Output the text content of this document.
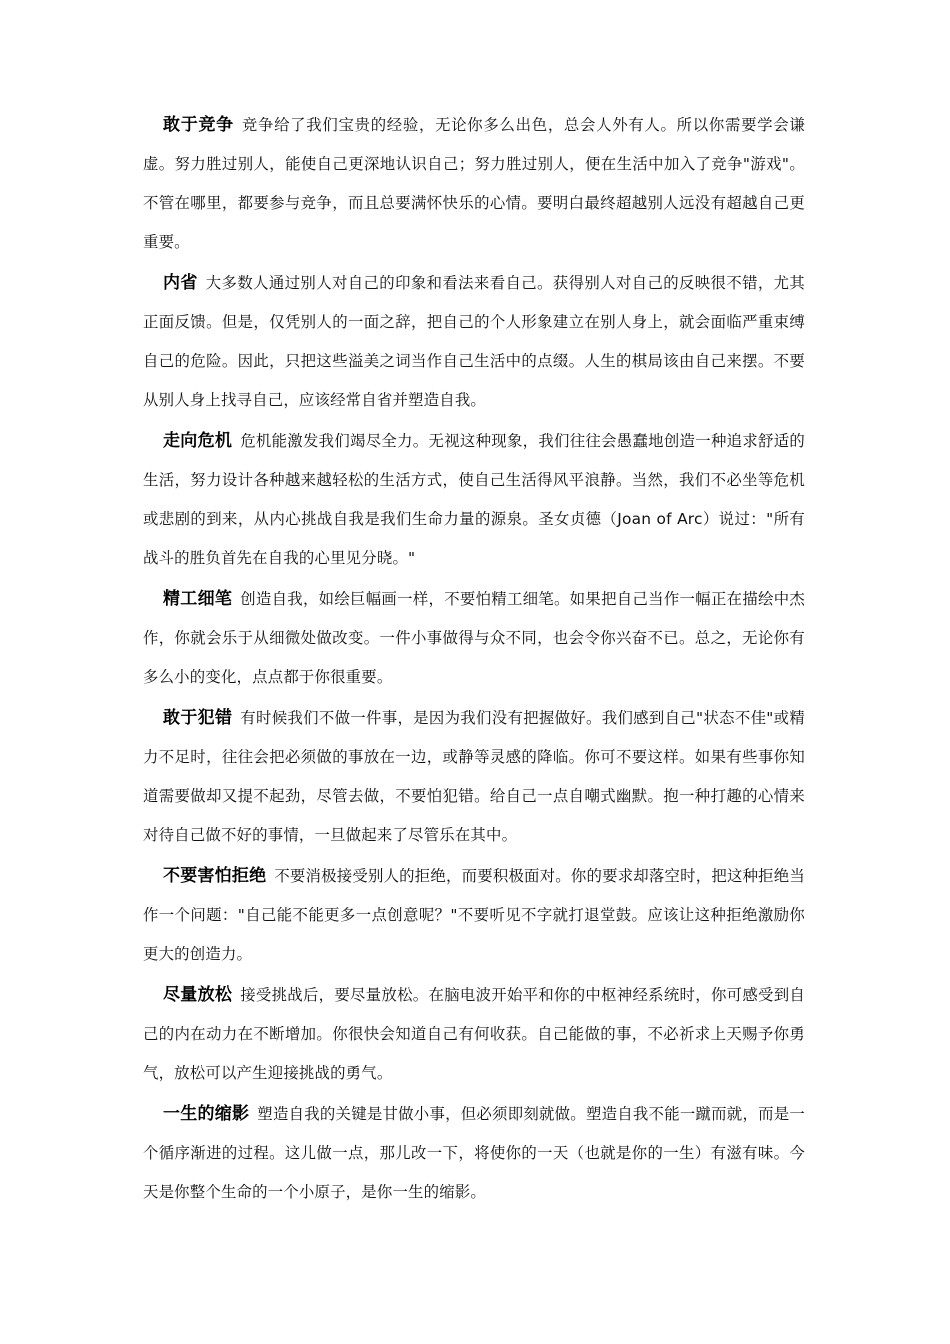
敢于竞争 竞争给了我们宝贵的经验，无论你多么出色，总会人外有人。所以你需要学会谦虚。努力胜过别人，能使自己更深地认识自己；努力胜过别人，便在生活中加入了竞争"游戏"。不管在哪里，都要参与竞争，而且总要满怀快乐的心情。要明白最终超越别人远没有超越自己更重要。

内省 大多数人通过别人对自己的印象和看法来看自己。获得别人对自己的反映很不错，尤其正面反馈。但是，仅凭别人的一面之辞，把自己的个人形象建立在别人身上，就会面临严重束缚自己的危险。因此，只把这些溢美之词当作自己生活中的点缀。人生的棋局该由自己来摆。不要从别人身上找寻自己，应该经常自省并塑造自我。

走向危机 危机能激发我们竭尽全力。无视这种现象，我们往往会愚蠢地创造一种追求舒适的生活，努力设计各种越来越轻松的生活方式，使自己生活得风平浪静。当然，我们不必坐等危机或悲剧的到来，从内心挑战自我是我们生命力量的源泉。圣女贞德（Joan of Arc）说过："所有战斗的胜负首先在自我的心里见分晓。"

精工细笔 创造自我，如绘巨幅画一样，不要怕精工细笔。如果把自己当作一幅正在描绘中杰作，你就会乐于从细微处做改变。一件小事做得与众不同，也会令你兴奋不已。总之，无论你有多么小的变化，点点都于你很重要。

敢于犯错 有时候我们不做一件事，是因为我们没有把握做好。我们感到自己"状态不佳"或精力不足时，往往会把必须做的事放在一边，或静等灵感的降临。你可不要这样。如果有些事你知道需要做却又提不起劲，尽管去做，不要怕犯错。给自己一点自嘲式幽默。抱一种打趣的心情来对待自己做不好的事情，一旦做起来了尽管乐在其中。

不要害怕拒绝 不要消极接受别人的拒绝，而要积极面对。你的要求却落空时，把这种拒绝当作一个问题："自己能不能更多一点创意呢？"不要听见不字就打退堂鼓。应该让这种拒绝激励你更大的创造力。

尽量放松 接受挑战后，要尽量放松。在脑电波开始平和你的中枢神经系统时，你可感受到自己的内在动力在不断增加。你很快会知道自己有何收获。自己能做的事，不必祈求上天赐予你勇气，放松可以产生迎接挑战的勇气。

一生的缩影 塑造自我的关键是甘做小事，但必须即刻就做。塑造自我不能一蹴而就，而是一个循序渐进的过程。这儿做一点，那儿改一下，将使你的一天（也就是你的一生）有滋有味。今天是你整个生命的一个小原子，是你一生的缩影。
